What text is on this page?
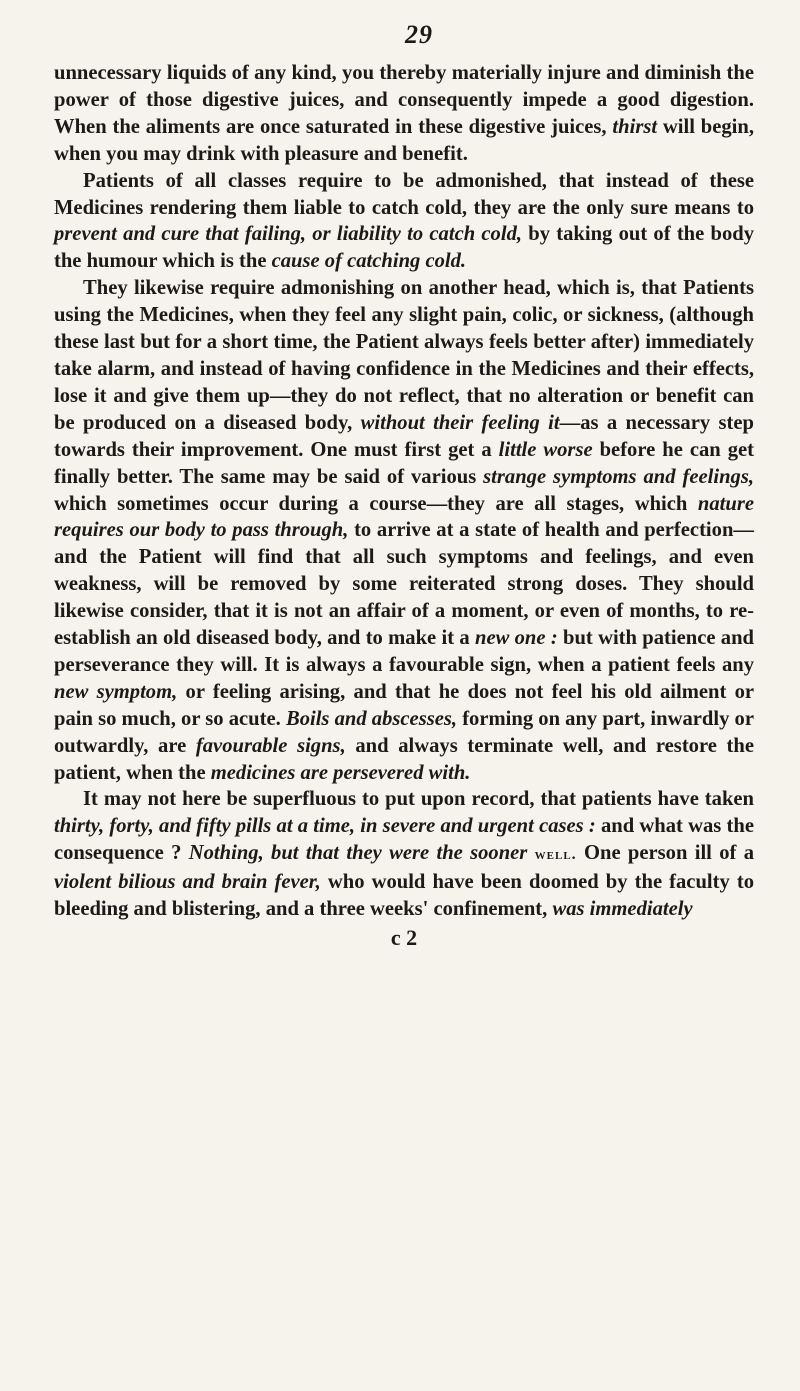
29

unnecessary liquids of any kind, you thereby materially injure and diminish the power of those digestive juices, and consequently impede a good digestion. When the aliments are once saturated in these digestive juices, thirst will begin, when you may drink with pleasure and benefit.

Patients of all classes require to be admonished, that instead of these Medicines rendering them liable to catch cold, they are the only sure means to prevent and cure that failing, or liability to catch cold, by taking out of the body the humour which is the cause of catching cold.

They likewise require admonishing on another head, which is, that Patients using the Medicines, when they feel any slight pain, colic, or sickness, (although these last but for a short time, the Patient always feels better after) immediately take alarm, and instead of having confidence in the Medicines and their effects, lose it and give them up—they do not reflect, that no alteration or benefit can be produced on a diseased body, without their feeling it—as a necessary step towards their improvement. One must first get a little worse before he can get finally better. The same may be said of various strange symptoms and feelings, which sometimes occur during a course—they are all stages, which nature requires our body to pass through, to arrive at a state of health and perfection—and the Patient will find that all such symptoms and feelings, and even weakness, will be removed by some reiterated strong doses. They should likewise consider, that it is not an affair of a moment, or even of months, to re-establish an old diseased body, and to make it a new one : but with patience and perseverance they will. It is always a favourable sign, when a patient feels any new symptom, or feeling arising, and that he does not feel his old ailment or pain so much, or so acute. Boils and abscesses, forming on any part, inwardly or outwardly, are favourable signs, and always terminate well, and restore the patient, when the medicines are persevered with.

It may not here be superfluous to put upon record, that patients have taken thirty, forty, and fifty pills at a time, in severe and urgent cases : and what was the consequence ? Nothing, but that they were the sooner well. One person ill of a violent bilious and brain fever, who would have been doomed by the faculty to bleeding and blistering, and a three weeks' confinement, was immediately

c 2
